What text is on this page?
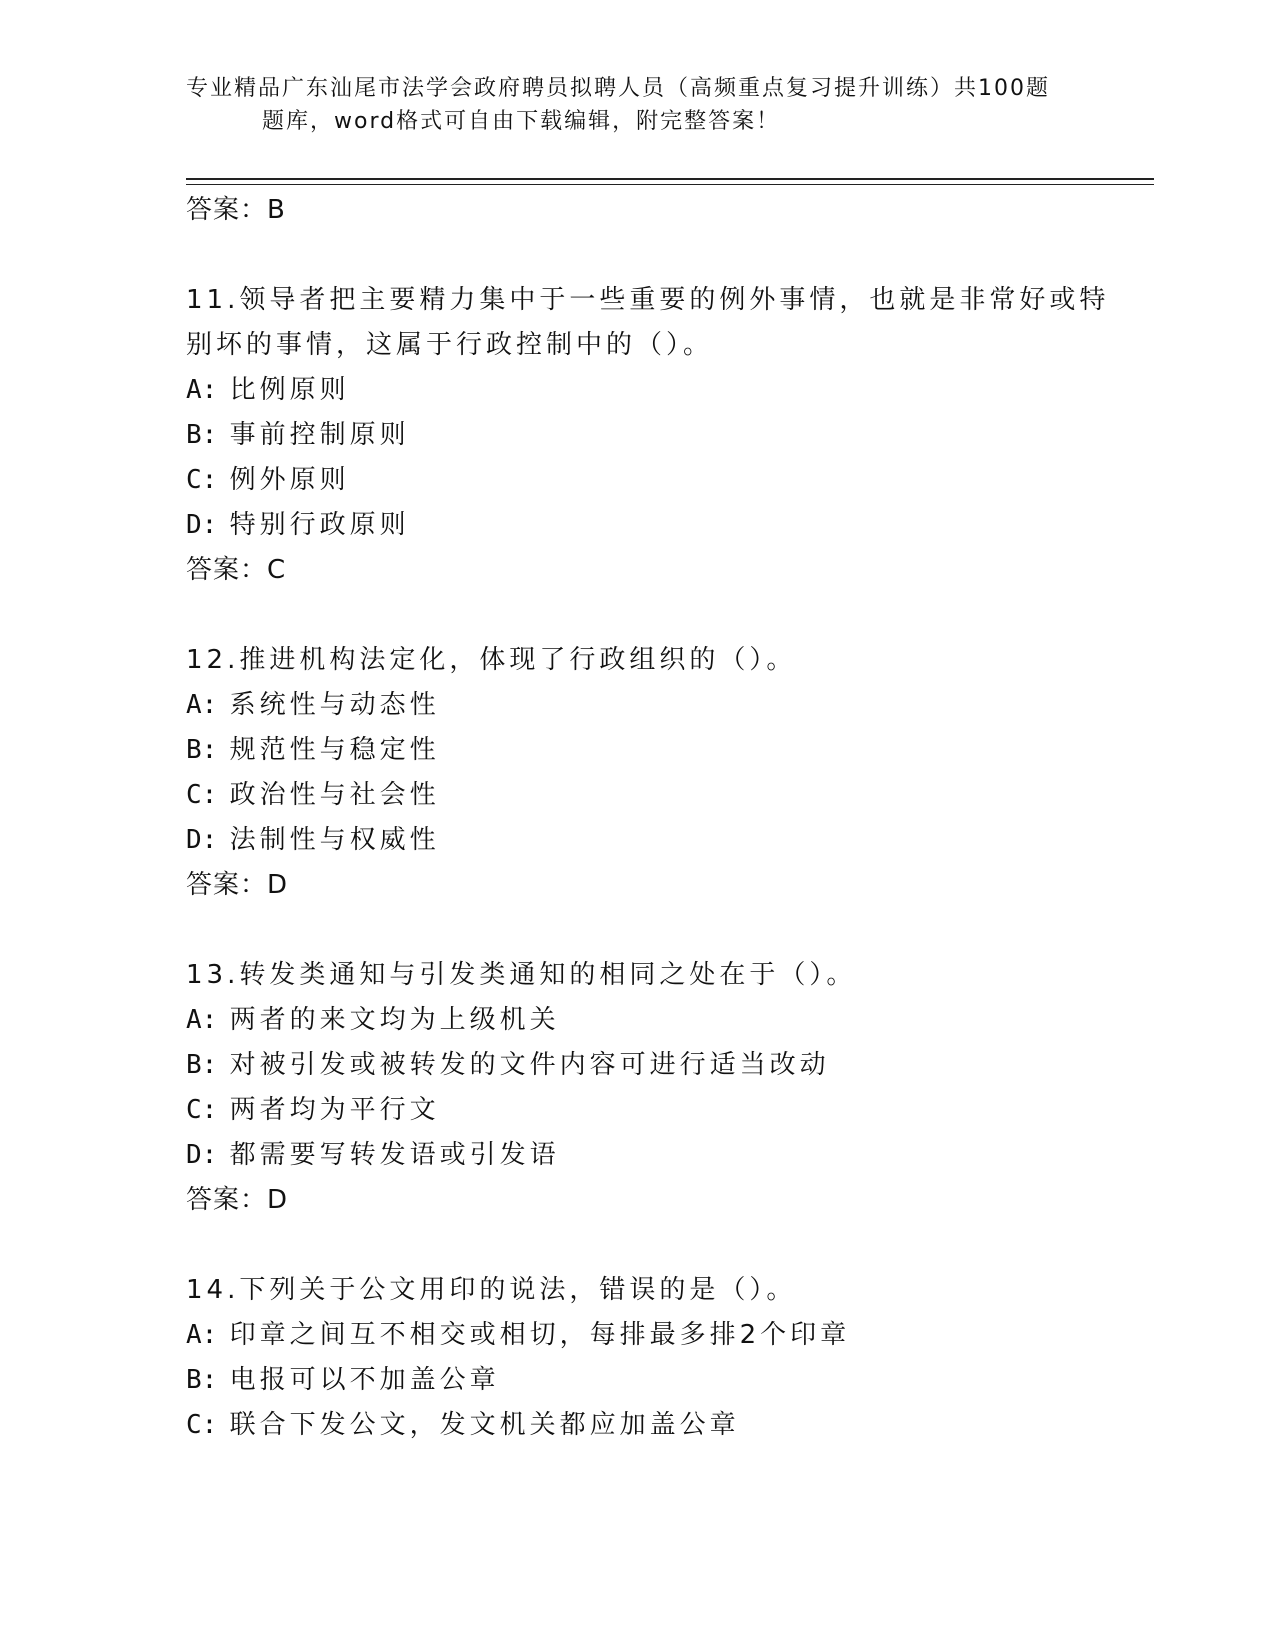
专业精品广东汕尾市法学会政府聘员拟聘人员（高频重点复习提升训练）共100题
题库，word格式可自由下载编辑，附完整答案！
答案：B
11.领导者把主要精力集中于一些重要的例外事情，也就是非常好或特
别坏的事情，这属于行政控制中的（）。
A: 比例原则
B: 事前控制原则
C: 例外原则
D: 特别行政原则
答案：C
12.推进机构法定化，体现了行政组织的（）。
A: 系统性与动态性
B: 规范性与稳定性
C: 政治性与社会性
D: 法制性与权威性
答案：D
13.转发类通知与引发类通知的相同之处在于（）。
A: 两者的来文均为上级机关
B: 对被引发或被转发的文件内容可进行适当改动
C: 两者均为平行文
D: 都需要写转发语或引发语
答案：D
14.下列关于公文用印的说法，错误的是（）。
A: 印章之间互不相交或相切，每排最多排2个印章
B: 电报可以不加盖公章
C: 联合下发公文，发文机关都应加盖公章
